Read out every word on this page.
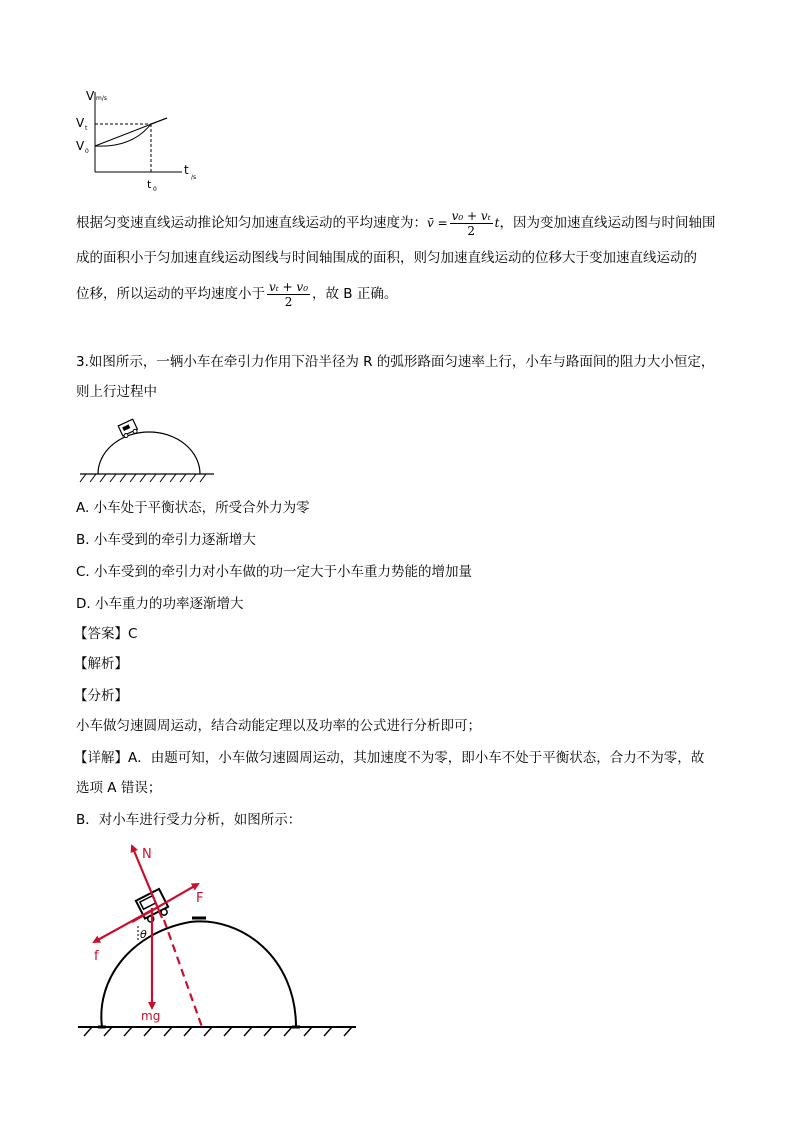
V m/s
t
/s
V t
V 0
t 0
根据匀变速直线运动推论知匀加速直线运动的平均速度为：v̄ = $\frac{\text{v₀ + vₜ}}{2}$ t，因为变加速直线运动图与时间轴围
成的面积小于匀加速直线运动图线与时间轴围成的面积，则匀加速直线运动的位移大于变加速直线运动的
位移，所以运动的平均速度小于 $\frac{\text{vₜ + v₀}}{2}$ ，故 B 正确。
3.如图所示，一辆小车在牵引力作用下沿半径为 R 的弧形路面匀速率上行，小车与路面间的阻力大小恒定，
则上行过程中
A. 小车处于平衡状态，所受合外力为零
B. 小车受到的牵引力逐渐增大
C. 小车受到的牵引力对小车做的功一定大于小车重力势能的增加量
D. 小车重力的功率逐渐增大
【答案】C
【解析】
【分析】
小车做匀速圆周运动，结合动能定理以及功率的公式进行分析即可；
【详解】A．由题可知，小车做匀速圆周运动，其加速度不为零，即小车不处于平衡状态，合力不为零，故
选项 A 错误；
B．对小车进行受力分析，如图所示：
N
F
f
mg
θ
